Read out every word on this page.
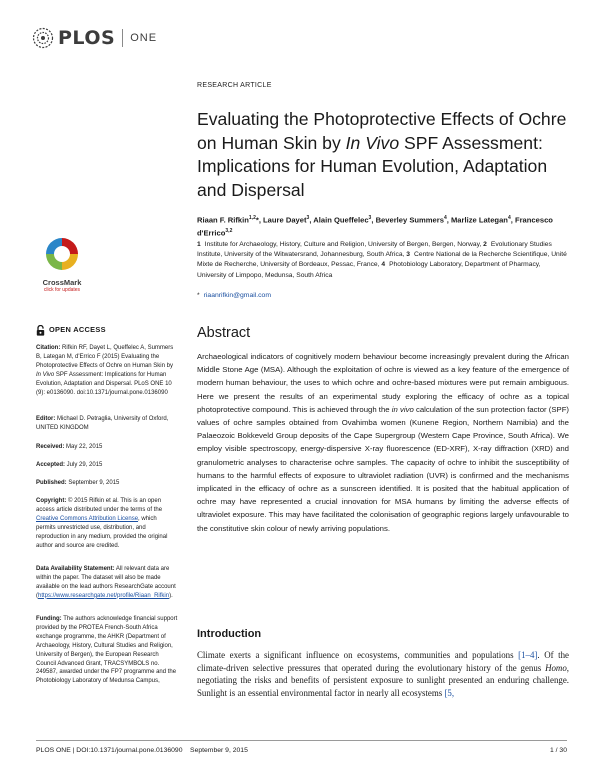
PLOS ONE
CrossMark
click for updates
RESEARCH ARTICLE
Evaluating the Photoprotective Effects of Ochre on Human Skin by In Vivo SPF Assessment: Implications for Human Evolution, Adaptation and Dispersal
Riaan F. Rifkin$^{1,2}$*, Laure Dayet$^3$, Alain Queffelec$^3$, Beverley Summers$^4$, Marlize Lategan$^4$, Francesco d'Errico$^{3,2}$
1 Institute for Archaeology, History, Culture and Religion, University of Bergen, Bergen, Norway, 2 Evolutionary Studies Institute, University of the Witwatersrand, Johannesburg, South Africa, 3 Centre National de la Recherche Scientifique, Unité Mixte de Recherche, University of Bordeaux, Pessac, France, 4 Photobiology Laboratory, Department of Pharmacy, University of Limpopo, Medunsa, South Africa
* riaanrifkin@gmail.com
Abstract
Archaeological indicators of cognitively modern behaviour become increasingly prevalent during the African Middle Stone Age (MSA). Although the exploitation of ochre is viewed as a key feature of the emergence of modern human behaviour, the uses to which ochre and ochre-based mixtures were put remain ambiguous. Here we present the results of an experimental study exploring the efficacy of ochre as a topical photoprotective compound. This is achieved through the in vivo calculation of the sun protection factor (SPF) values of ochre samples obtained from Ovahimba women (Kunene Region, Northern Namibia) and the Palaeozoic Bokkeveld Group deposits of the Cape Supergroup (Western Cape Province, South Africa). We employ visible spectroscopy, energy-dispersive X-ray fluorescence (ED-XRF), X-ray diffraction (XRD) and granulometric analyses to characterise ochre samples. The capacity of ochre to inhibit the susceptibility of humans to the harmful effects of exposure to ultraviolet radiation (UVR) is confirmed and the mechanisms implicated in the efficacy of ochre as a sunscreen identified. It is posited that the habitual application of ochre may have represented a crucial innovation for MSA humans by limiting the adverse effects of ultraviolet exposure. This may have facilitated the colonisation of geographic regions largely unfavourable to the constitutive skin colour of newly arriving populations.
Introduction
Climate exerts a significant influence on ecosystems, communities and populations [1–4]. Of the climate-driven selective pressures that operated during the evolutionary history of the genus Homo, negotiating the risks and benefits of persistent exposure to sunlight presented an enduring challenge. Sunlight is an essential environmental factor in nearly all ecosystems [5,
OPEN ACCESS
Citation: Rifkin RF, Dayet L, Queffelec A, Summers B, Lategan M, d'Errico F (2015) Evaluating the Photoprotective Effects of Ochre on Human Skin by In Vivo SPF Assessment: Implications for Human Evolution, Adaptation and Dispersal. PLoS ONE 10 (9): e0136090. doi:10.1371/journal.pone.0136090
Editor: Michael D. Petraglia, University of Oxford, UNITED KINGDOM
Received: May 22, 2015
Accepted: July 29, 2015
Published: September 9, 2015
Copyright: © 2015 Rifkin et al. This is an open access article distributed under the terms of the Creative Commons Attribution License, which permits unrestricted use, distribution, and reproduction in any medium, provided the original author and source are credited.
Data Availability Statement: All relevant data are within the paper. The dataset will also be made available on the lead authors ResearchGate account (https://www.researchgate.net/profile/Riaan_Rifkin).
Funding: The authors acknowledge financial support provided by the PROTEA French-South Africa exchange programme, the AHKR (Department of Archaeology, History, Cultural Studies and Religion, University of Bergen), the European Research Council Advanced Grant, TRACSYMBOLS no. 249587, awarded under the FP7 programme and the Photobiology Laboratory of Medunsa Campus,
PLOS ONE | DOI:10.1371/journal.pone.0136090    September 9, 2015	1 / 30
